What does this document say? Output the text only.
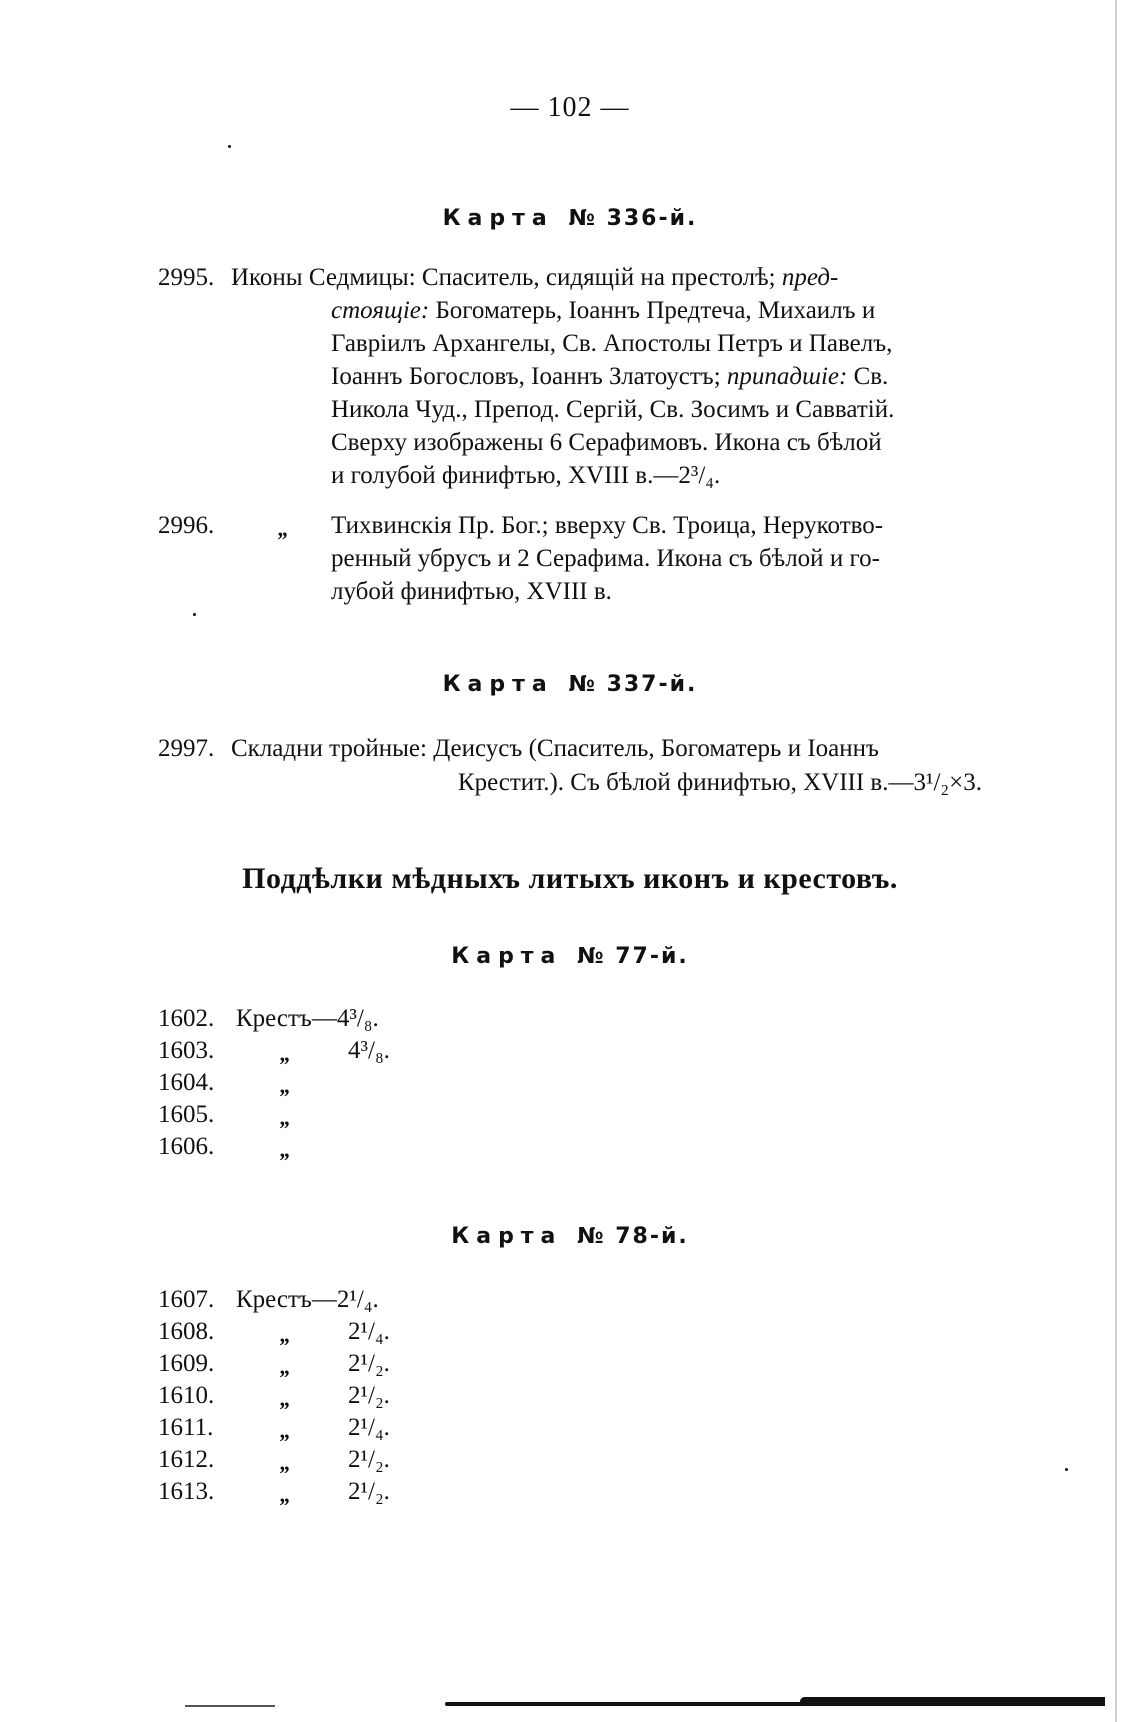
— 102 —
Карта № 336-й.
2995. Иконы Седмицы: Спаситель, сидящій на престолѣ; пред-
стоящіе: Богоматерь, Іоаннъ Предтеча, Михаилъ и
Гавріилъ Архангелы, Св. Апостолы Петръ и Павелъ,
Іоаннъ Богословъ, Іоаннъ Златоустъ; припадшіе: Св.
Никола Чуд., Препод. Сергій, Св. Зосимъ и Савватій.
Сверху изображены 6 Серафимовъ. Икона съ бѣлой
и голубой финифтью, XVIII в.—2³/₄.
2996.	„ Тихвинскія Пр. Бог.; вверху Св. Троица, Нерукотво-
ренный убрусъ и 2 Серафима. Икона съ бѣлой и го-
лубой финифтью, XVIII в.
Карта № 337-й.
2997. Складни тройные: Деисусъ (Спаситель, Богоматерь и Іоаннъ
Крестит.). Съ бѣлой финифтью, XVIII в.—3¹/₂×3.
Поддѣлки мѣдныхъ литыхъ иконъ и крестовъ.
Карта № 77-й.
1602. Крестъ—4³/₈.
1603.	„ 4³/₈.
1604.	„
1605.	„
1606.	„
Карта № 78-й.
1607. Крестъ—2¹/₄.
1608.	„ 2¹/₄.
1609.	„ 2¹/₂.
1610.	„ 2¹/₂.
1611.	„ 2¹/₄.
1612.	„ 2¹/₂.
1613.	„ 2¹/₂.
